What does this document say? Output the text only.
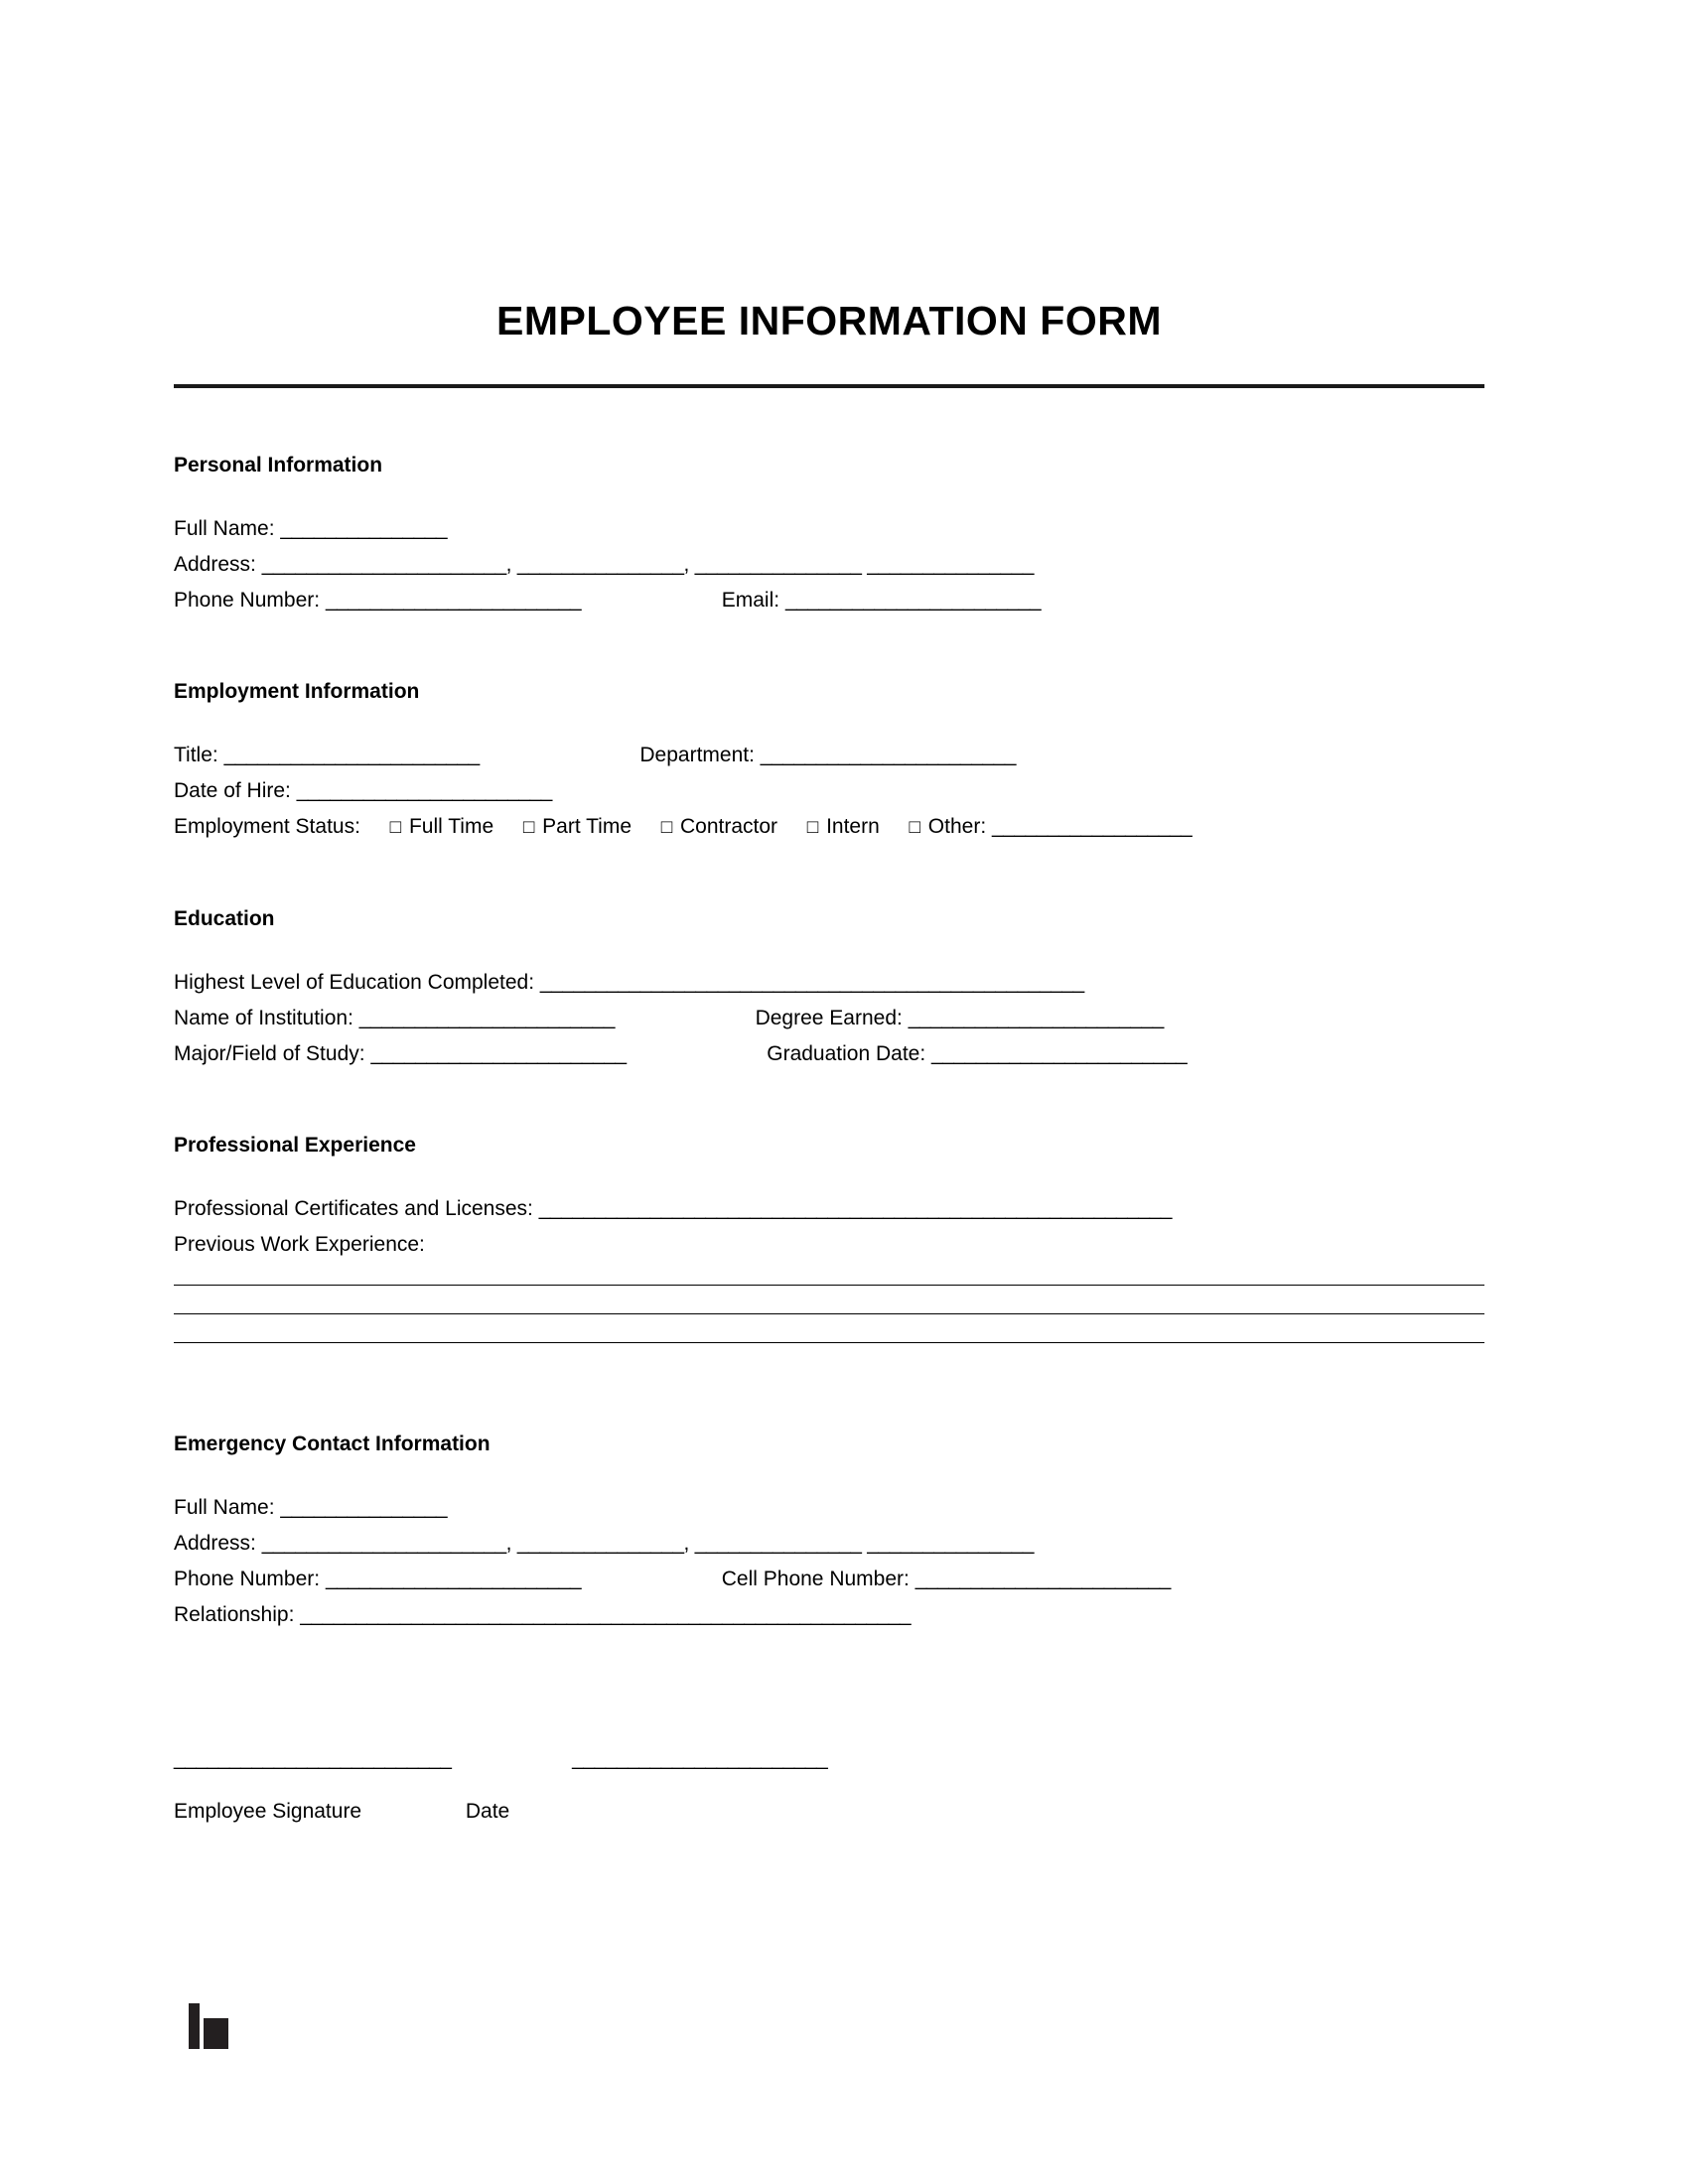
EMPLOYEE INFORMATION FORM
Personal Information
Full Name: _______________
Address: ______________________, _______________, _______________ _______________
Phone Number: _______________________	Email: _______________________
Employment Information
Title: _______________________	Department: _______________________
Date of Hire: _______________________
Employment Status: □ Full Time □ Part Time □ Contractor □ Intern □ Other: __________________
Education
Highest Level of Education Completed: _________________________________________________
Name of Institution: _______________________	Degree Earned: _______________________
Major/Field of Study: _______________________	Graduation Date: _______________________
Professional Experience
Professional Certificates and Licenses: _________________________________________________________
Previous Work Experience:
Emergency Contact Information
Full Name: _______________
Address: ______________________, _______________, _______________ _______________
Phone Number: _______________________	Cell Phone Number: _______________________
Relationship: _______________________________________________________
_________________________	_______________________
Employee Signature	Date
